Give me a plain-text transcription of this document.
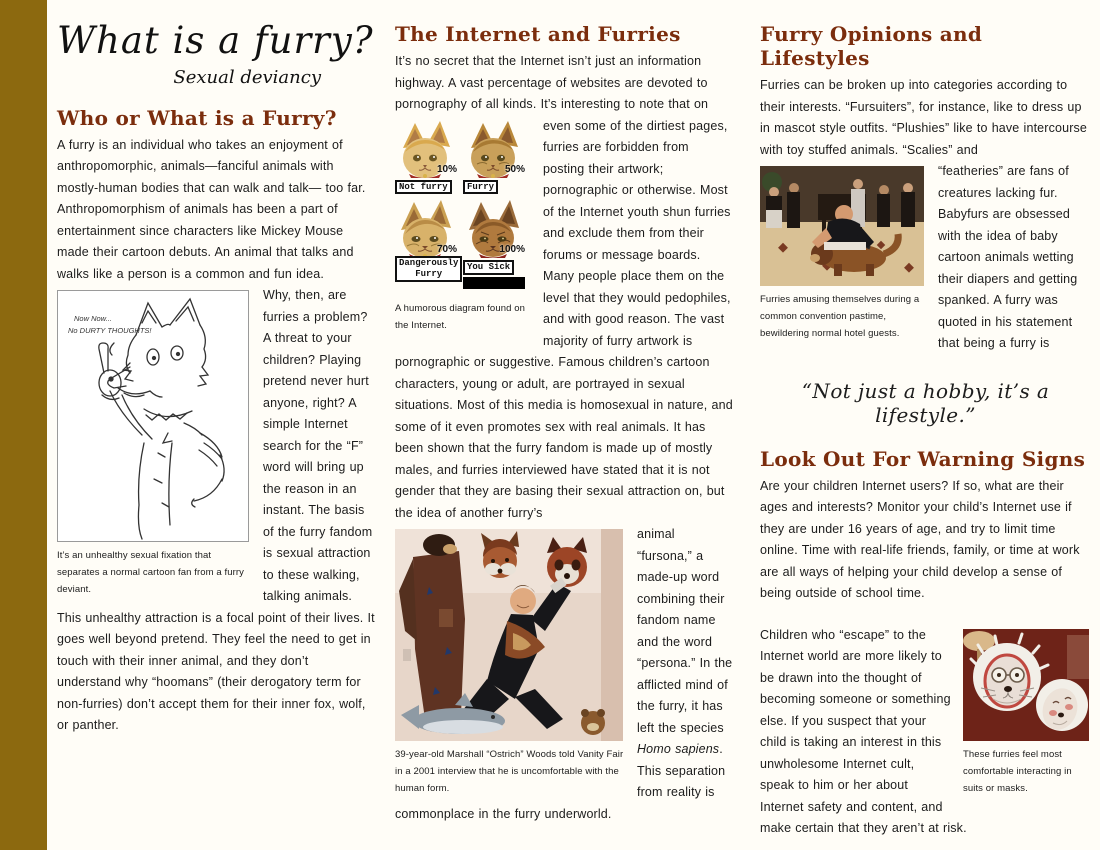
What is a furry?
Sexual deviancy
Who or What is a Furry?

A furry is an individual who takes an enjoyment of anthropomorphic, animals—fanciful animals with mostly-human bodies that can walk and talk— too far. Anthropomorphism of animals has been a part of entertainment since characters like Mickey Mouse made their cartoon debuts. An animal that talks and walks like a person is a common and fun idea.

Now Now...
No DURTY THOUGHTS!
It’s an unhealthy sexual fixation that separates a normal cartoon fan from a furry deviant.

Why, then, are furries a problem? A threat to your children? Playing pretend never hurt anyone, right? A simple Internet search for the “F” word will bring up the reason in an instant. The basis of the furry fandom is sexual attraction to these walking, talking animals. This unhealthy attraction is a focal point of their lives. It goes well beyond pretend. They feel the need to get in touch with their inner animal, and they don’t understand why “hoomans” (their derogatory term for non-furries) don’t accept them for their inner fox, wolf, or panther.

The Internet and Furries

It’s no secret that the Internet isn’t just an information highway. A vast percentage of websites are devoted to pornography of all kinds. It’s interesting to note that on

10%
Not furry
50%
Furry
70%
Dangerously Furry
100%
You Sick
A humorous diagram found on the Internet.

even some of the dirtiest pages, furries are forbidden from posting their artwork; pornographic or otherwise. Most of the Internet youth shun furries and exclude them from their forums or message boards. Many people place them on the level that they would pedophiles, and with good reason. The vast majority of furry artwork is pornographic or suggestive. Famous children’s cartoon characters, young or adult, are portrayed in sexual situations. Most of this media is homosexual in nature, and some of it even promotes sex with real animals. It has been shown that the furry fandom is made up of mostly males, and furries interviewed have stated that it is not gender that they are basing their sexual attraction on, but the idea of another furry’s

39-year-old Marshall “Ostrich” Woods told Vanity Fair in a 2001 interview that he is uncomfortable with the human form.

animal “fursona,” a made-up word combining their fandom name and the word “persona.” In the afflicted mind of the furry, it has left the species Homo sapiens. This separation from reality is commonplace in the furry underworld.

Furry Opinions and Lifestyles

Furries can be broken up into categories according to their interests. “Fursuiters”, for instance, like to dress up in mascot style outfits. “Plushies” like to have intercourse with toy stuffed animals. “Scalies” and

Furries amusing themselves during a common convention pastime, bewildering normal hotel guests.

“featheries” are fans of creatures lacking fur. Babyfurs are obsessed with the idea of baby cartoon animals wetting their diapers and getting spanked. A furry was quoted in his statement that being a furry is

“Not just a hobby, it’s a lifestyle.”
Look Out For Warning Signs

Are your children Internet users? If so, what are their ages and interests? Monitor your child’s Internet use if they are under 16 years of age, and try to limit time online. Time with real-life friends, family, or time at work are all ways of helping your child develop a sense of being outside of school time.

These furries feel most comfortable interacting in suits or masks.

Children who “escape” to the Internet world are more likely to be drawn into the thought of becoming someone or something else. If you suspect that your child is taking an interest in this unwholesome Internet cult, speak to him or her about Internet safety and content, and make certain that they aren’t at risk.
